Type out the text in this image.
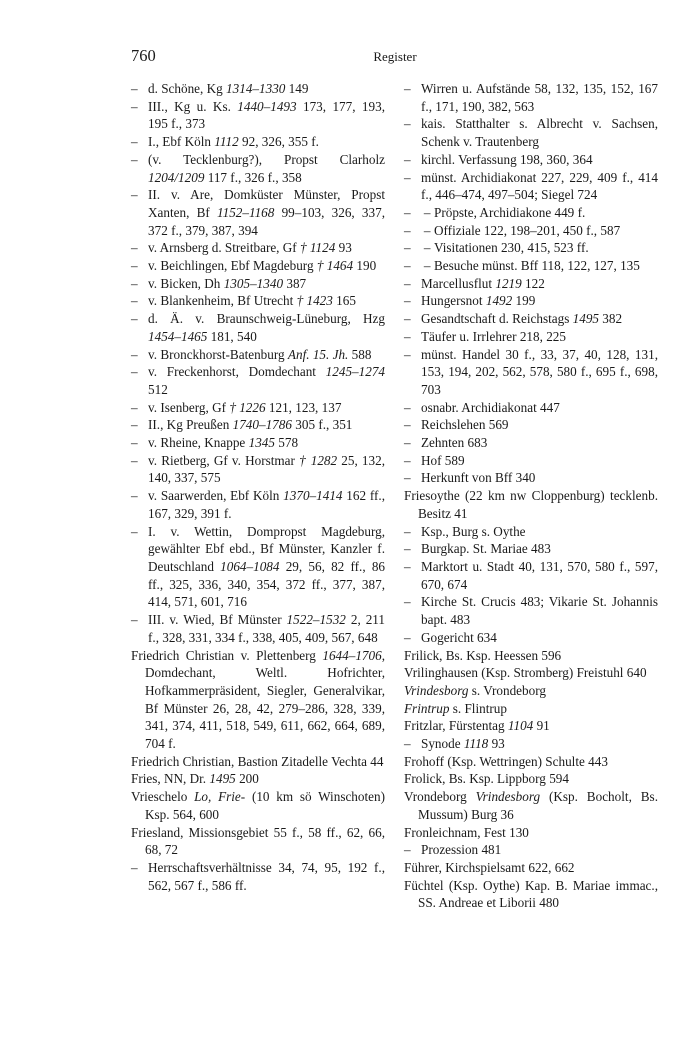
760	Register

– d. Schöne, Kg 1314–1330 149

– III., Kg u. Ks. 1440–1493 173, 177, 193, 195 f., 373

– I., Ebf Köln 1112 92, 326, 355 f.

– (v. Tecklenburg?), Propst Clarholz 1204/1209 117 f., 326 f., 358

– II. v. Are, Domküster Münster, Propst Xanten, Bf 1152–1168 99–103, 326, 337, 372 f., 379, 387, 394

– v. Arnsberg d. Streitbare, Gf † 1124 93

– v. Beichlingen, Ebf Magdeburg † 1464 190

– v. Bicken, Dh 1305–1340 387

– v. Blankenheim, Bf Utrecht † 1423 165

– d. Ä. v. Braunschweig-Lüneburg, Hzg 1454–1465 181, 540

– v. Bronckhorst-Batenburg Anf. 15. Jh. 588

– v. Freckenhorst, Domdechant 1245–1274 512

– v. Isenberg, Gf † 1226 121, 123, 137

– II., Kg Preußen 1740–1786 305 f., 351

– v. Rheine, Knappe 1345 578

– v. Rietberg, Gf v. Horstmar † 1282 25, 132, 140, 337, 575

– v. Saarwerden, Ebf Köln 1370–1414 162 ff., 167, 329, 391 f.

– I. v. Wettin, Dompropst Magdeburg, gewählter Ebf ebd., Bf Münster, Kanzler f. Deutschland 1064–1084 29, 56, 82 ff., 86 ff., 325, 336, 340, 354, 372 ff., 377, 387, 414, 571, 601, 716

– III. v. Wied, Bf Münster 1522–1532 2, 211 f., 328, 331, 334 f., 338, 405, 409, 567, 648

Friedrich Christian v. Plettenberg 1644–1706, Domdechant, Weltl. Hofrichter, Hofkammerpräsident, Siegler, Generalvikar, Bf Münster 26, 28, 42, 279–286, 328, 339, 341, 374, 411, 518, 549, 611, 662, 664, 689, 704 f.

Friedrich Christian, Bastion Zitadelle Vechta 44

Fries, NN, Dr. 1495 200

Vrieschelo Lo, Frie- (10 km sö Winschoten) Ksp. 564, 600

Friesland, Missionsgebiet 55 f., 58 ff., 62, 66, 68, 72

– Herrschaftsverhältnisse 34, 74, 95, 192 f., 562, 567 f., 586 ff.

– Wirren u. Aufstände 58, 132, 135, 152, 167 f., 171, 190, 382, 563

– kais. Statthalter s. Albrecht v. Sachsen, Schenk v. Trautenberg

– kirchl. Verfassung 198, 360, 364

– münst. Archidiakonat 227, 229, 409 f., 414 f., 446–474, 497–504; Siegel 724

– –
Pröpste, Archidiakone 449 f.

– –
Offiziale 122, 198–201, 450 f., 587

– –
Visitationen 230, 415, 523 ff.

– –
Besuche münst. Bff 118, 122, 127, 135

– Marcellusflut 1219 122

– Hungersnot 1492 199

– Gesandtschaft d. Reichstags 1495 382

– Täufer u. Irrlehrer 218, 225

– münst. Handel 30 f., 33, 37, 40, 128, 131, 153, 194, 202, 562, 578, 580 f., 695 f., 698, 703

– osnabr. Archidiakonat 447

– Reichslehen 569

– Zehnten 683

– Hof 589

– Herkunft von Bff 340

Friesoythe (22 km nw Cloppenburg) tecklenb. Besitz 41

– Ksp., Burg s. Oythe

– Burgkap. St. Mariae 483

– Marktort u. Stadt 40, 131, 570, 580 f., 597, 670, 674

– Kirche St. Crucis 483; Vikarie St. Johannis bapt. 483

– Gogericht 634

Frilick, Bs. Ksp. Heessen 596

Vrilinghausen (Ksp. Stromberg) Freistuhl 640

Vrindesborg s. Vrondeborg

Frintrup s. Flintrup

Fritzlar, Fürstentag 1104 91

– Synode 1118 93

Frohoff (Ksp. Wettringen) Schulte 443

Frolick, Bs. Ksp. Lippborg 594

Vrondeborg Vrindesborg (Ksp. Bocholt, Bs. Mussum) Burg 36

Fronleichnam, Fest 130

– Prozession 481

Führer, Kirchspielsamt 622, 662

Füchtel (Ksp. Oythe) Kap. B. Mariae immac., SS. Andreae et Liborii 480
